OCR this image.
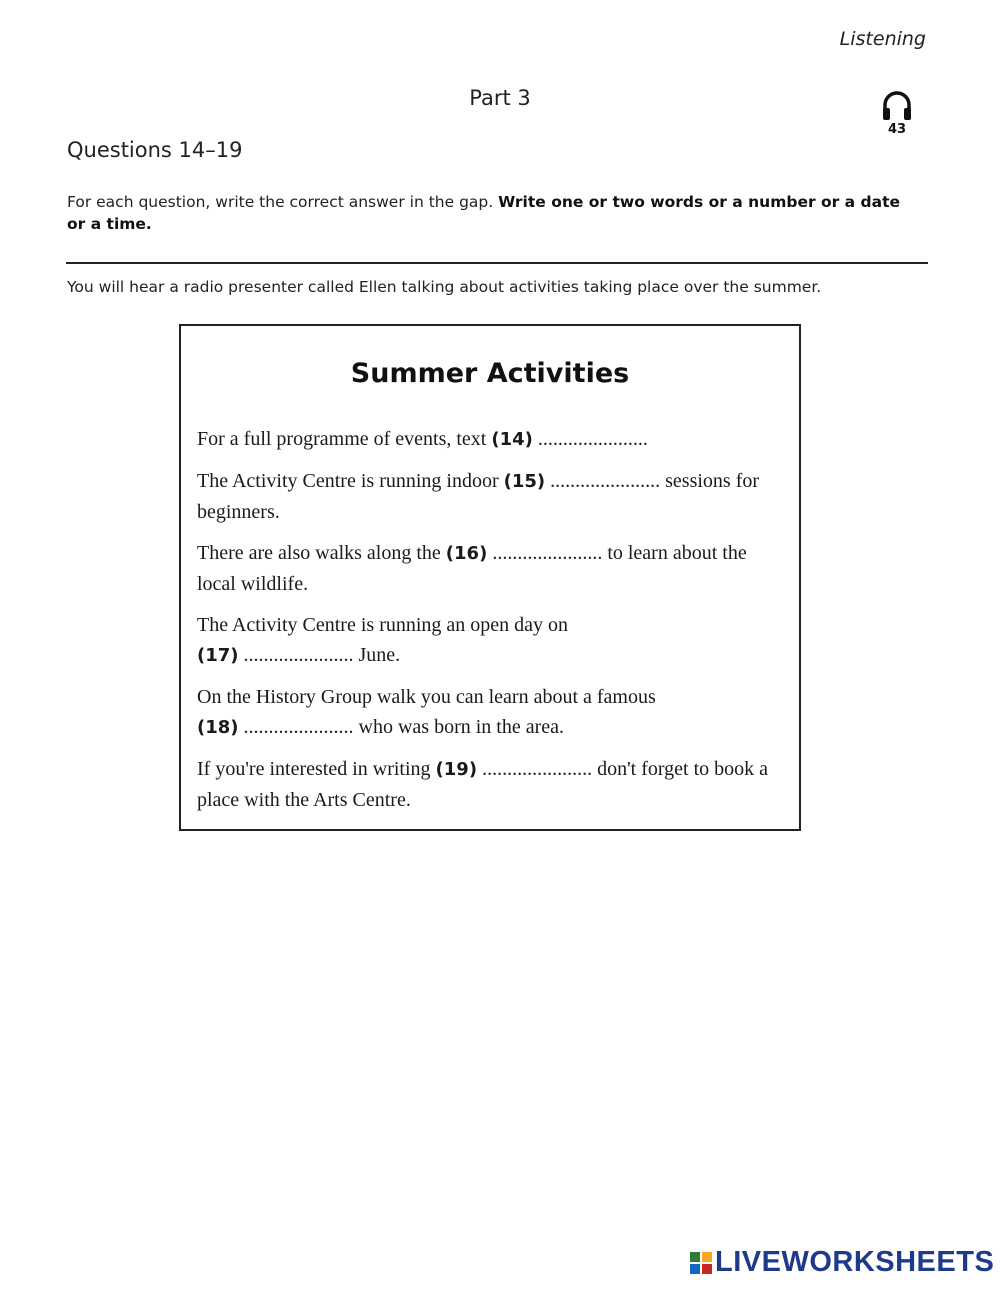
Listening
Part 3
43
Questions 14–19
For each question, write the correct answer in the gap. Write one or two words or a number or a date or a time.
You will hear a radio presenter called Ellen talking about activities taking place over the summer.
Summer Activities
For a full programme of events, text (14) ......................
The Activity Centre is running indoor (15) ...................... sessions for beginners.
There are also walks along the (16) ...................... to learn about the local wildlife.
The Activity Centre is running an open day on
(17) ...................... June.
On the History Group walk you can learn about a famous
(18) ...................... who was born in the area.
If you're interested in writing (19) ...................... don't forget to book a place with the Arts Centre.
LIVEWORKSHEETS
